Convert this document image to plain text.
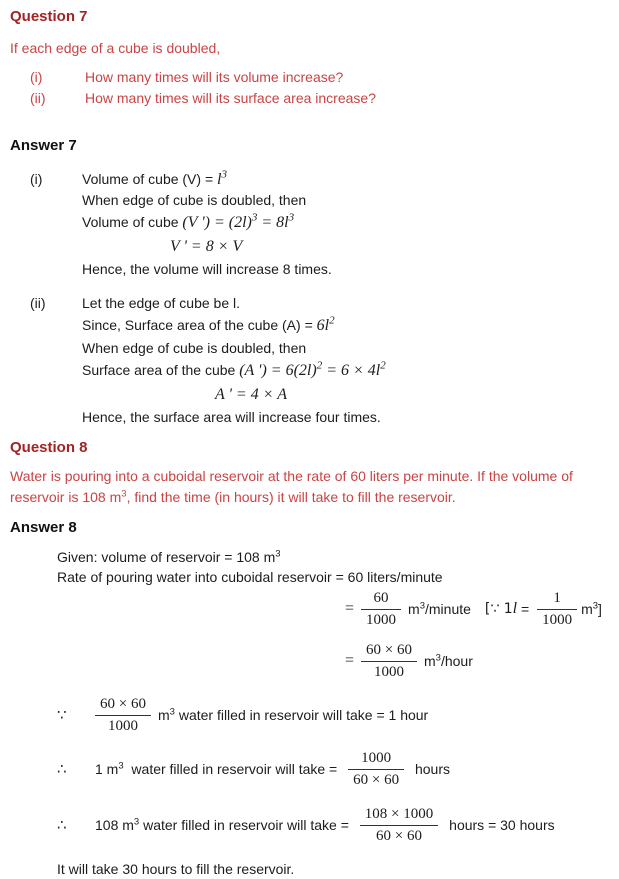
Question 7
If each edge of a cube is doubled,
(i)	How many times will its volume increase?
(ii)	How many times will its surface area increase?
Answer 7
(i)	Volume of cube $(V) = l^3$
When edge of cube is doubled, then
Volume of cube (V ') = $(2l)^3 = 8l^3$
V ' = 8 × V
Hence, the volume will increase 8 times.
(ii)	Let the edge of cube be l.
Since, Surface area of the cube $(A) = 6l^2$
When edge of cube is doubled, then
Surface area of the cube (A ') = $6(2l)^2 = 6 \times 4l^2$
A ' = 4 × A
Hence, the surface area will increase four times.
Question 8
Water is pouring into a cuboidal reservoir at the rate of 60 liters per minute. If the volume of reservoir is 108 $m^3$, find the time (in hours) it will take to fill the reservoir.
Answer 8
Given: volume of reservoir = 108 $m^3$
Rate of pouring water into cuboidal reservoir = 60 liters/minute
= $\frac{60}{1000}$ $m^3$/minute [∵ 1 $l = \frac{1}{1000} m^3$]
= $\frac{60 \times 60}{1000}$ $m^3$/hour
∵	$\frac{60 \times 60}{1000} m^3$ water filled in reservoir will take = 1 hour
∴	1 $m^3$  water filled in reservoir will take = $\frac{1000}{60 \times 60}$ hours
∴	108 $m^3$ water filled in reservoir will take = $\frac{108 \times 1000}{60 \times 60}$ hours = 30 hours
It will take 30 hours to fill the reservoir.
